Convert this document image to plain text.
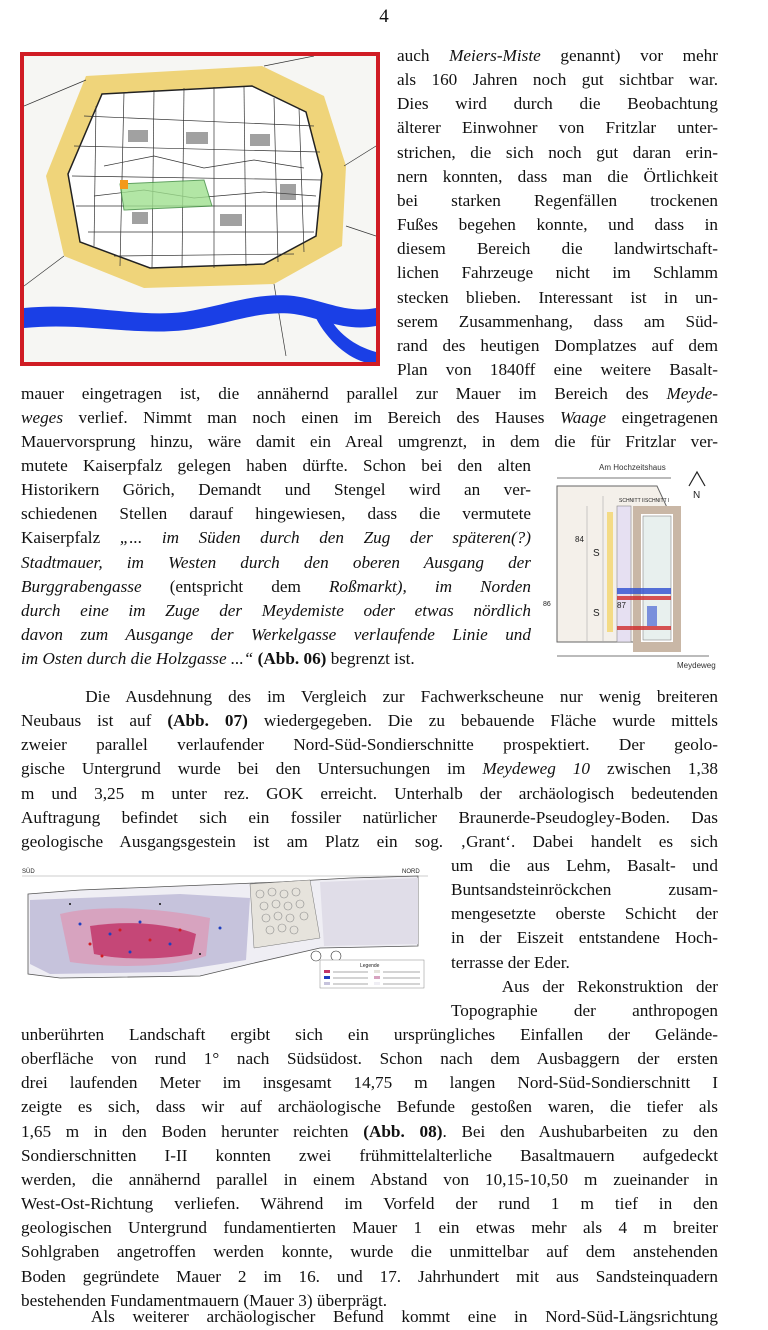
4
auch Meiers-Miste genannt) vor mehr
als 160 Jahren noch gut sichtbar war.
Dies wird durch die Beobachtung
älterer Einwohner von Fritzlar unter-
strichen, die sich noch gut daran erin-
nern konnten, dass man die Örtlichkeit
bei starken Regenfällen trockenen
Fußes begehen konnte, und dass in
diesem Bereich die landwirtschaft-
lichen Fahrzeuge nicht im Schlamm
stecken blieben. Interessant ist in un-
serem Zusammenhang, dass am Süd-
rand des heutigen Domplatzes auf dem
Plan von 1840ff eine weitere Basalt-
mauer eingetragen ist, die annähernd parallel zur Mauer im Bereich des Meyde-
weges verlief. Nimmt man noch einen im Bereich des Hauses Waage eingetragenen
Mauervorsprung hinzu, wäre damit ein Areal umgrenzt, in dem die für Fritzlar ver-
mutete Kaiserpfalz gelegen haben dürfte. Schon bei den alten
Historikern Görich, Demandt und Stengel wird an ver-
schiedenen Stellen darauf hingewiesen, dass die vermutete
Kaiserpfalz „... im Süden durch den Zug der späteren(?)
Stadtmauer, im Westen durch den oberen Ausgang der
Burggrabengasse (entspricht dem Roßmarkt), im Norden
durch eine im Zuge der Meydemiste oder etwas nördlich
davon zum Ausgange der Werkelgasse verlaufende Linie und
im Osten durch die Holzgasse ...“ (Abb. 06) begrenzt ist.
Am Hochzeitshaus
N
84
S
87
S
86
SCHNITT II SCHNITT I
Meydeweg
Die Ausdehnung des im Vergleich zur Fachwerkscheune nur wenig breiteren
Neubaus ist auf (Abb. 07) wiedergegeben. Die zu bebauende Fläche wurde mittels
zweier parallel verlaufender Nord-Süd-Sondierschnitte prospektiert. Der geolo-
gische Untergrund wurde bei den Untersuchungen im Meydeweg 10 zwischen 1,38
m und 3,25 m unter rez. GOK erreicht. Unterhalb der archäologisch bedeutenden
Auftragung befindet sich ein fossiler natürlicher Braunerde-Pseudogley-Boden. Das
geologische Ausgangsgestein ist am Platz ein sog. ‚Grant‘. Dabei handelt es sich
um die aus Lehm, Basalt- und
Buntsandsteinröckchen zusam-
mengesetzte oberste Schicht der
in der Eiszeit entstandene Hoch-
terrasse der Eder.
SÜD	NORD
Legende
Aus der Rekonstruktion der
Topographie der anthropogen
unberührten Landschaft ergibt sich ein ursprüngliches Einfallen der Gelände-
oberfläche von rund 1° nach Südsüdost. Schon nach dem Ausbaggern der ersten
drei laufenden Meter im insgesamt 14,75 m langen Nord-Süd-Sondierschnitt I
zeigte es sich, dass wir auf archäologische Befunde gestoßen waren, die tiefer als
1,65 m in den Boden herunter reichten (Abb. 08). Bei den Aushubarbeiten zu den
Sondierschnitten I-II konnten zwei frühmittelalterliche Basaltmauern aufgedeckt
werden, die annähernd parallel in einem Abstand von 10,15-10,50 m zueinander in
West-Ost-Richtung verliefen. Während im Vorfeld der rund 1 m tief in den
geologischen Untergrund fundamentierten Mauer 1 ein etwas mehr als 4 m breiter
Sohlgraben angetroffen werden konnte, wurde die unmittelbar auf dem anstehenden
Boden gegründete Mauer 2 im 16. und 17. Jahrhundert mit aus Sandsteinquadern
bestehenden Fundamentmauern (Mauer 3) überprägt.
Als weiterer archäologischer Befund kommt eine in Nord-Süd-Längsrichtung
